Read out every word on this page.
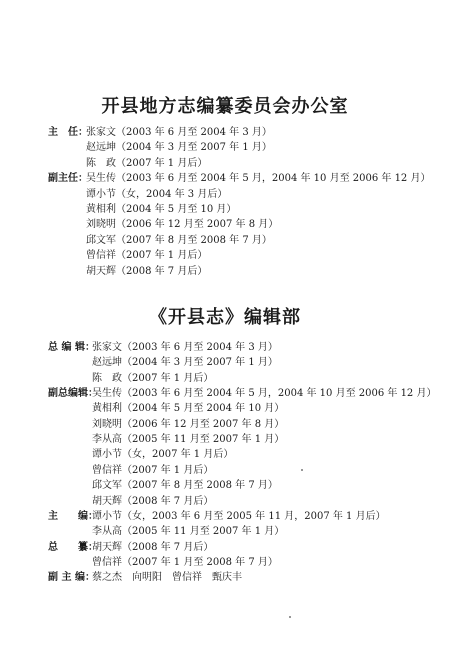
开县地方志编纂委员会办公室
主　任：
张家文（2003 年 6 月至 2004 年 3 月）
赵远坤（2004 年 3 月至 2007 年 1 月）
陈　政（2007 年 1 月后）
副主任：
吴生传（2003 年 6 月至 2004 年 5 月，2004 年 10 月至 2006 年 12 月）
谭小节（女，2004 年 3 月后）
黄相利（2004 年 5 月至 10 月）
刘晓明（2006 年 12 月至 2007 年 8 月）
邱文军（2007 年 8 月至 2008 年 7 月）
曾信祥（2007 年 1 月后）
胡天辉（2008 年 7 月后）
《开县志》编辑部
总 编 辑：
张家文（2003 年 6 月至 2004 年 3 月）
赵远坤（2004 年 3 月至 2007 年 1 月）
陈　政（2007 年 1 月后）
副总编辑：
吴生传（2003 年 6 月至 2004 年 5 月，2004 年 10 月至 2006 年 12 月）
黄相利（2004 年 5 月至 2004 年 10 月）
刘晓明（2006 年 12 月至 2007 年 8 月）
李从高（2005 年 11 月至 2007 年 1 月）
谭小节（女，2007 年 1 月后）
曾信祥（2007 年 1 月后）
邱文军（2007 年 8 月至 2008 年 7 月）
胡天辉（2008 年 7 月后）
主　　编：
谭小节（女，2003 年 6 月至 2005 年 11 月，2007 年 1 月后）
李从高（2005 年 11 月至 2007 年 1 月）
总　　纂：
胡天辉（2008 年 7 月后）
曾信祥（2007 年 1 月至 2008 年 7 月）
副 主 编：
蔡之杰　向明阳　曾信祥　甄庆丰
